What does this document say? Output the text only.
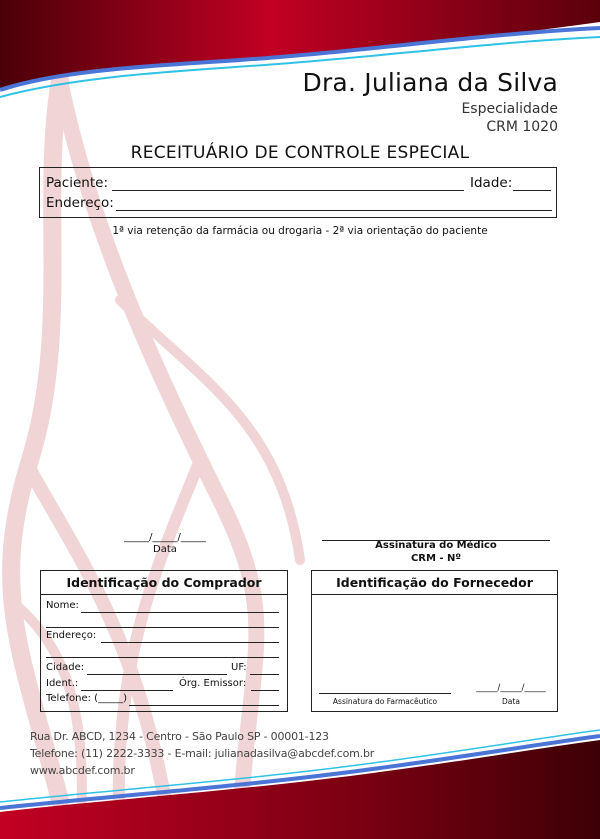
Dra. Juliana da Silva
Especialidade
CRM 1020
RECEITUÁRIO DE CONTROLE ESPECIAL
Paciente:	Idade:
Endereço:
1ª via retenção da farmácia ou drogaria - 2ª via orientação do paciente
_____/_____/_____
Data	Assinatura do Médico
CRM - Nº
Identificação do Comprador
Nome:
Endereço:
Cidade:	UF:
Ident.:	Órg. Emissor:
Telefone: (_____)
Identificação do Fornecedor
Assinatura do Farmacêutico
_____/_____/_____
Data
Rua Dr. ABCD, 1234 - Centro - São Paulo SP - 00001-123
Telefone: (11) 2222-3333 - E-mail: julianadasilva@abcdef.com.br
www.abcdef.com.br
